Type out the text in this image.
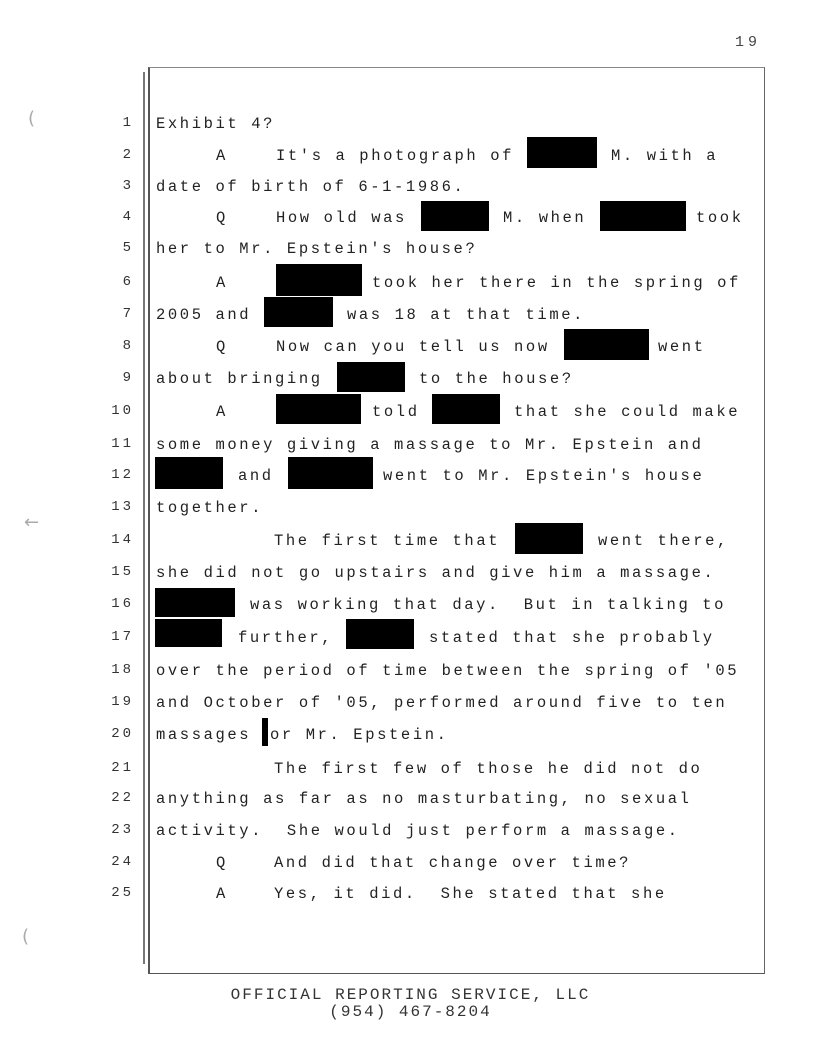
19
(
←
(
1
2
3
4
5
6
7
8
9
10
11
12
13
14
15
16
17
18
19
20
21
22
23
24
25
Exhibit 4?
A	It's a photograph of	M. with a
date of birth of 6-1-1986.
Q	How old was	M. when	took
her to Mr. Epstein's house?
A	took her there in the spring of
2005 and	was 18 at that time.
Q	Now can you tell us now	went
about bringing	to the house?
A	told	that she could make
some money giving a massage to Mr. Epstein and
and	went to Mr. Epstein's house
together.
The first time that	went there,
she did not go upstairs and give him a massage.
was working that day.  But in talking to
further,	stated that she probably
over the period of time between the spring of '05
and October of '05, performed around five to ten
massages or Mr. Epstein.
The first few of those he did not do
anything as far as no masturbating, no sexual
activity.  She would just perform a massage.
Q	And did that change over time?
A	Yes, it did.  She stated that she
OFFICIAL REPORTING SERVICE, LLC
(954) 467-8204
